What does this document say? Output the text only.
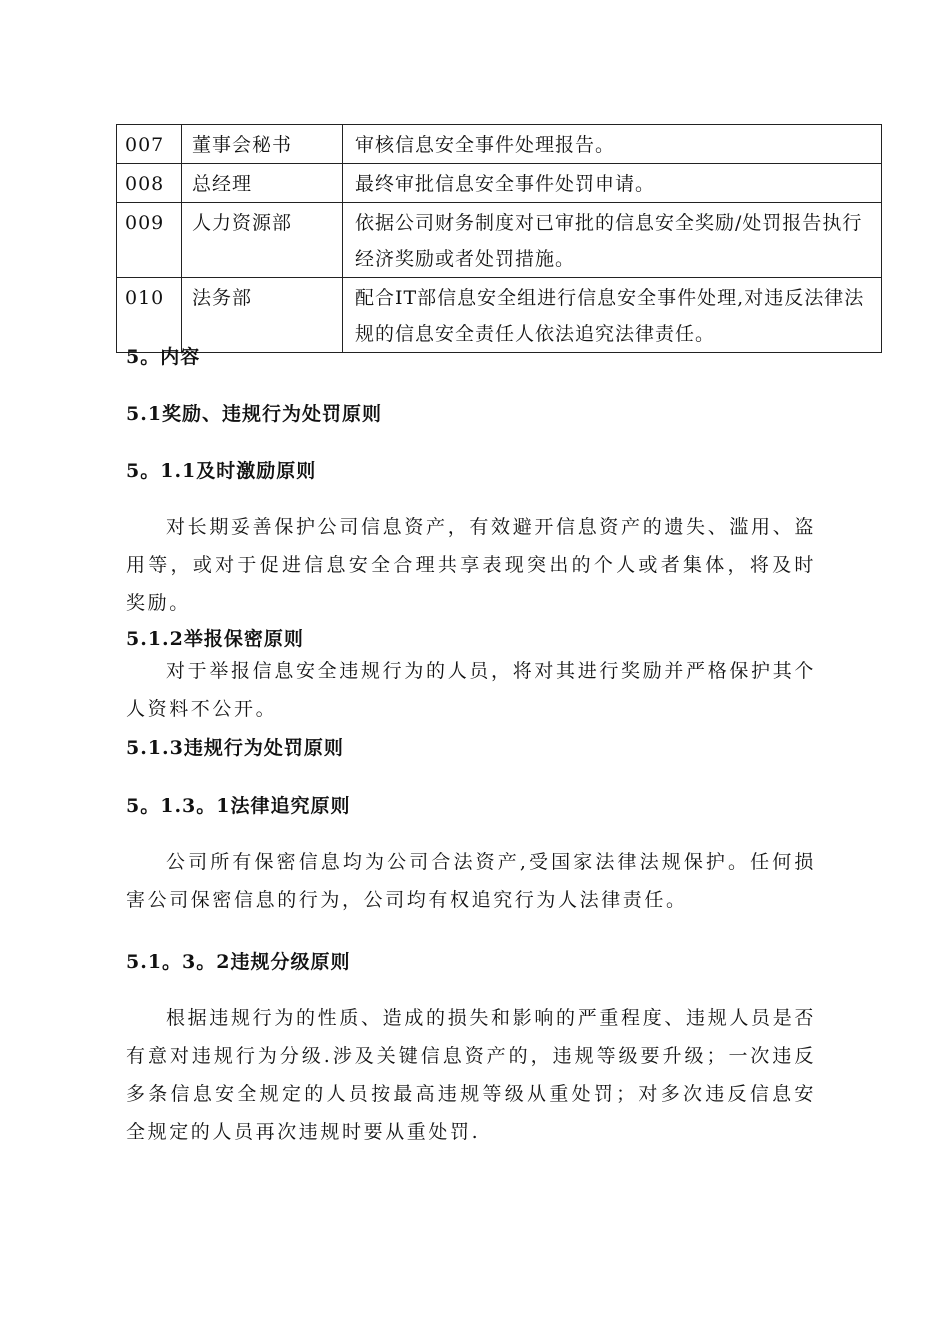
007	董事会秘书	审核信息安全事件处理报告。
008	总经理	最终审批信息安全事件处罚申请。
009	人力资源部	依据公司财务制度对已审批的信息安全奖励/处罚报告执行经济奖励或者处罚措施。
010	法务部	配合IT部信息安全组进行信息安全事件处理,对违反法律法规的信息安全责任人依法追究法律责任。
5。内容
5.1奖励、违规行为处罚原则
5。1.1及时激励原则
对长期妥善保护公司信息资产，有效避开信息资产的遗失、滥用、盗用等，或对于促进信息安全合理共享表现突出的个人或者集体，将及时奖励。
5.1.2举报保密原则
对于举报信息安全违规行为的人员，将对其进行奖励并严格保护其个人资料不公开。
5.1.3违规行为处罚原则
5。1.3。1法律追究原则
公司所有保密信息均为公司合法资产,受国家法律法规保护。任何损害公司保密信息的行为，公司均有权追究行为人法律责任。
5.1。3。2违规分级原则
根据违规行为的性质、造成的损失和影响的严重程度、违规人员是否有意对违规行为分级.涉及关键信息资产的，违规等级要升级；一次违反多条信息安全规定的人员按最高违规等级从重处罚；对多次违反信息安全规定的人员再次违规时要从重处罚.
